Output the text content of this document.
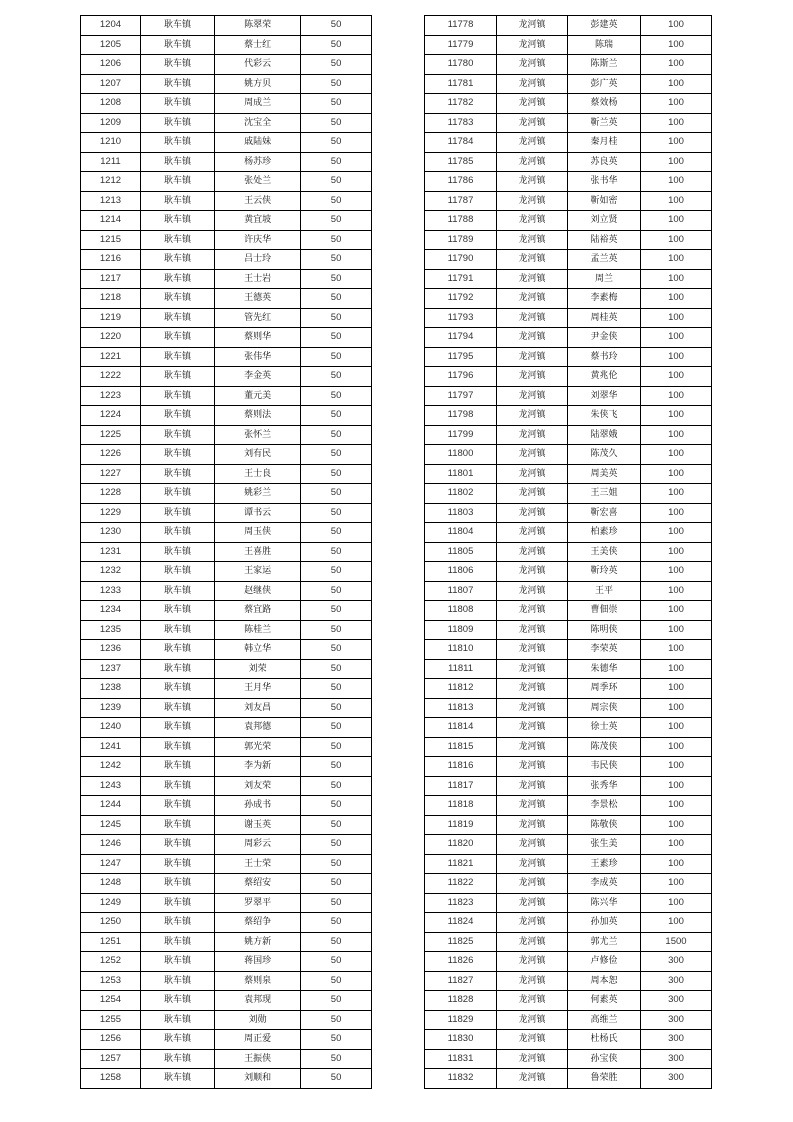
1204	耿车镇	陈翠荣	50
1205	耿车镇	蔡士红	50
1206	耿车镇	代彩云	50
1207	耿车镇	姚方贝	50
1208	耿车镇	周成兰	50
1209	耿车镇	沈宝全	50
1210	耿车镇	戚陆妹	50
1211	耿车镇	杨苏珍	50
1212	耿车镇	张处兰	50
1213	耿车镇	王云侠	50
1214	耿车镇	黄宜坡	50
1215	耿车镇	许庆华	50
1216	耿车镇	吕士玲	50
1217	耿车镇	王士岩	50
1218	耿车镇	王德英	50
1219	耿车镇	管先红	50
1220	耿车镇	蔡则华	50
1221	耿车镇	张伟华	50
1222	耿车镇	李金英	50
1223	耿车镇	董元美	50
1224	耿车镇	蔡则法	50
1225	耿车镇	张怀兰	50
1226	耿车镇	刘有民	50
1227	耿车镇	王士良	50
1228	耿车镇	姚彩兰	50
1229	耿车镇	谭书云	50
1230	耿车镇	周玉侠	50
1231	耿车镇	王喜胜	50
1232	耿车镇	王家运	50
1233	耿车镇	赵继侠	50
1234	耿车镇	蔡宜路	50
1235	耿车镇	陈桂兰	50
1236	耿车镇	韩立华	50
1237	耿车镇	刘荣	50
1238	耿车镇	王月华	50
1239	耿车镇	刘友昌	50
1240	耿车镇	袁邦德	50
1241	耿车镇	郭光荣	50
1242	耿车镇	李为新	50
1243	耿车镇	刘友荣	50
1244	耿车镇	孙成书	50
1245	耿车镇	谢玉英	50
1246	耿车镇	周彩云	50
1247	耿车镇	王士荣	50
1248	耿车镇	蔡绍安	50
1249	耿车镇	罗翠平	50
1250	耿车镇	蔡绍争	50
1251	耿车镇	姚方新	50
1252	耿车镇	蒋国珍	50
1253	耿车镇	蔡则泉	50
1254	耿车镇	袁邦现	50
1255	耿车镇	刘勋	50
1256	耿车镇	周正爱	50
1257	耿车镇	王振侠	50
1258	耿车镇	刘顺和	50
11778	龙河镇	彭建英	100
11779	龙河镇	陈瑞	100
11780	龙河镇	陈斯兰	100
11781	龙河镇	彭广英	100
11782	龙河镇	蔡效杨	100
11783	龙河镇	靳兰英	100
11784	龙河镇	秦月桂	100
11785	龙河镇	苏良英	100
11786	龙河镇	张书华	100
11787	龙河镇	靳如密	100
11788	龙河镇	刘立贤	100
11789	龙河镇	陆裕英	100
11790	龙河镇	孟兰英	100
11791	龙河镇	周兰	100
11792	龙河镇	李素梅	100
11793	龙河镇	周桂英	100
11794	龙河镇	尹金侠	100
11795	龙河镇	蔡书玲	100
11796	龙河镇	黄兆伦	100
11797	龙河镇	刘翠华	100
11798	龙河镇	朱侠飞	100
11799	龙河镇	陆翠娥	100
11800	龙河镇	陈茂久	100
11801	龙河镇	周美英	100
11802	龙河镇	王三姐	100
11803	龙河镇	靳宏喜	100
11804	龙河镇	柏素珍	100
11805	龙河镇	王美侠	100
11806	龙河镇	靳玲英	100
11807	龙河镇	王平	100
11808	龙河镇	曹佃崇	100
11809	龙河镇	陈明侠	100
11810	龙河镇	李荣英	100
11811	龙河镇	朱德华	100
11812	龙河镇	周季环	100
11813	龙河镇	周宗侠	100
11814	龙河镇	徐士英	100
11815	龙河镇	陈茂侠	100
11816	龙河镇	韦民侠	100
11817	龙河镇	张秀华	100
11818	龙河镇	李景松	100
11819	龙河镇	陈敬侠	100
11820	龙河镇	张生美	100
11821	龙河镇	王素珍	100
11822	龙河镇	李成英	100
11823	龙河镇	陈兴华	100
11824	龙河镇	孙加英	100
11825	龙河镇	郭尤兰	1500
11826	龙河镇	卢修俭	300
11827	龙河镇	周本恕	300
11828	龙河镇	何素英	300
11829	龙河镇	高维兰	300
11830	龙河镇	杜杨氏	300
11831	龙河镇	孙宝侠	300
11832	龙河镇	鲁荣胜	300
